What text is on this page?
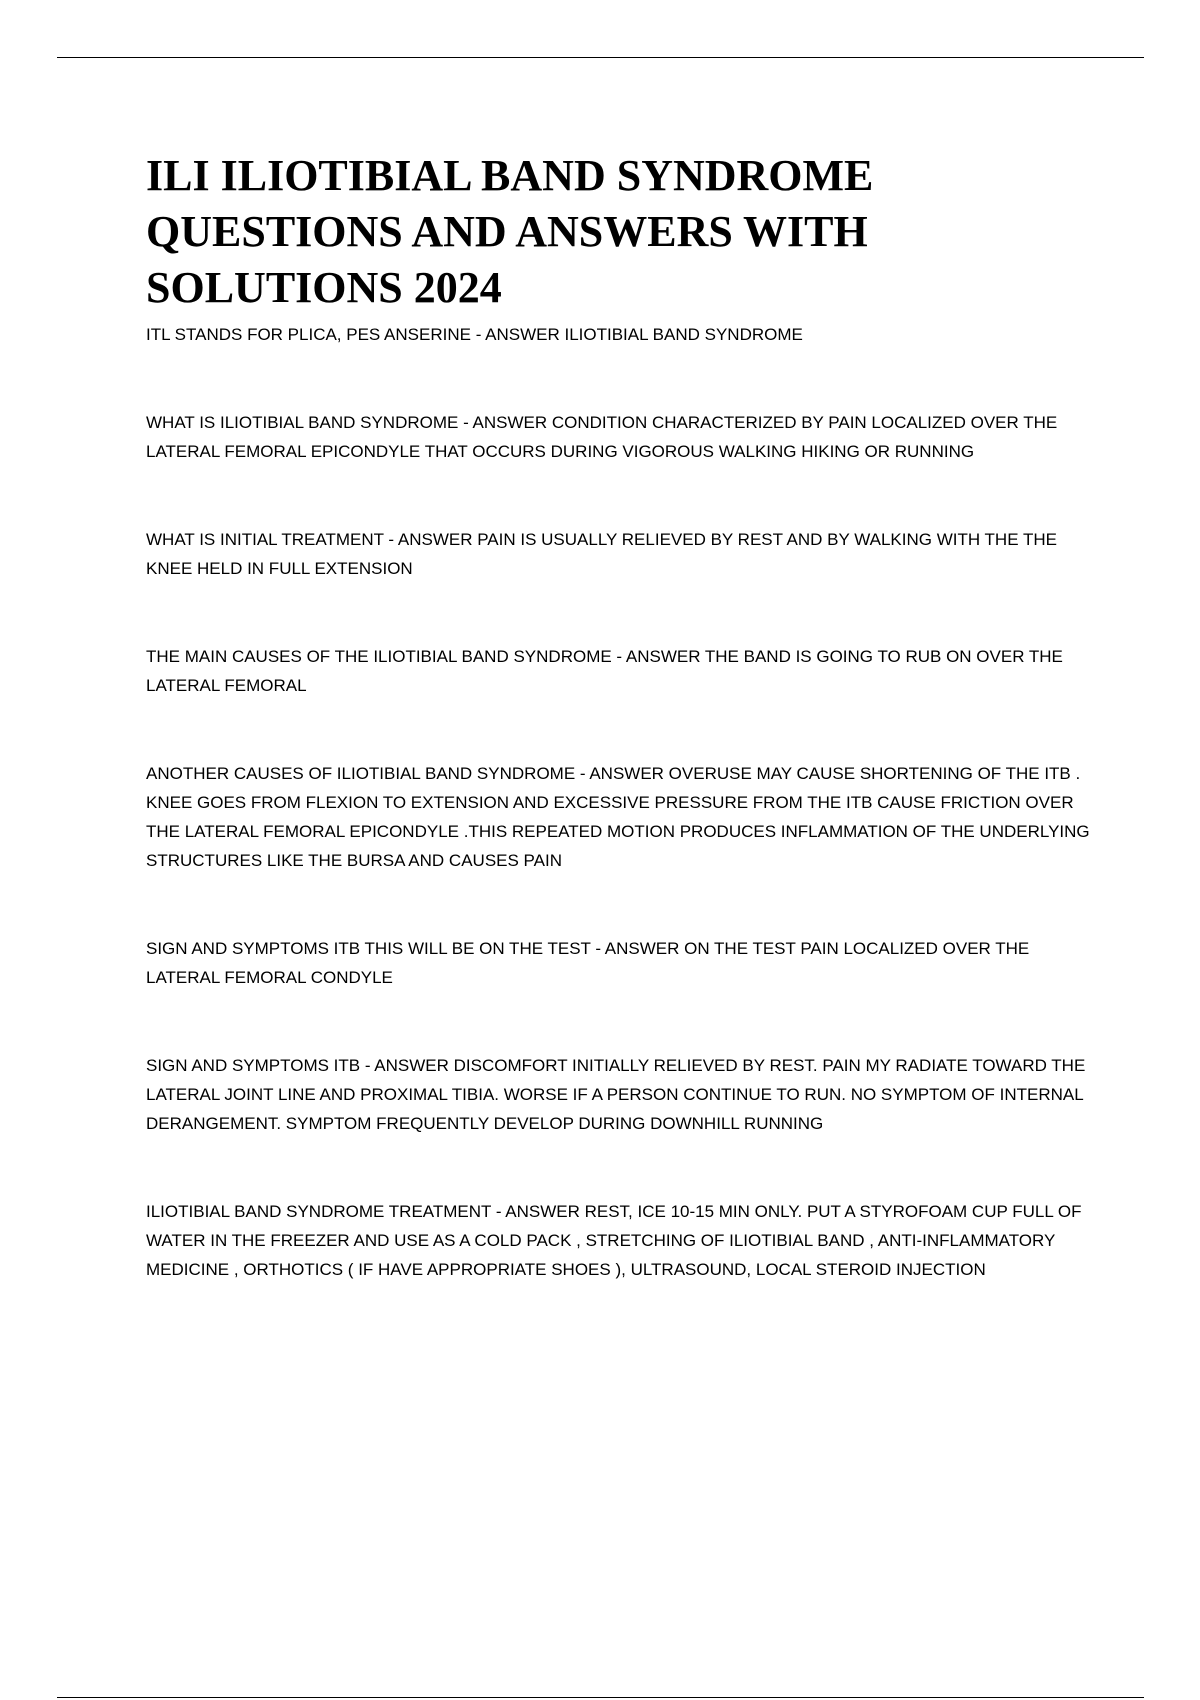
ILI ILIOTIBIAL BAND SYNDROME QUESTIONS AND ANSWERS WITH SOLUTIONS 2024
ITL STANDS FOR PLICA, PES ANSERINE - ANSWER ILIOTIBIAL BAND SYNDROME
WHAT IS ILIOTIBIAL BAND SYNDROME - ANSWER CONDITION CHARACTERIZED BY PAIN LOCALIZED OVER THE LATERAL FEMORAL EPICONDYLE THAT OCCURS DURING VIGOROUS WALKING HIKING OR RUNNING
WHAT IS INITIAL TREATMENT - ANSWER PAIN IS USUALLY RELIEVED BY REST AND BY WALKING WITH THE THE KNEE HELD IN FULL EXTENSION
THE MAIN CAUSES OF THE ILIOTIBIAL BAND SYNDROME - ANSWER THE BAND IS GOING TO RUB ON OVER THE LATERAL FEMORAL
ANOTHER CAUSES OF ILIOTIBIAL BAND SYNDROME - ANSWER OVERUSE MAY CAUSE SHORTENING OF THE ITB . KNEE GOES FROM FLEXION TO EXTENSION AND EXCESSIVE PRESSURE FROM THE ITB CAUSE FRICTION OVER THE LATERAL FEMORAL EPICONDYLE .THIS REPEATED MOTION PRODUCES INFLAMMATION OF THE UNDERLYING STRUCTURES LIKE THE BURSA AND CAUSES PAIN
SIGN AND SYMPTOMS ITB THIS WILL BE ON THE TEST - ANSWER ON THE TEST PAIN LOCALIZED OVER THE LATERAL FEMORAL CONDYLE
SIGN AND SYMPTOMS ITB - ANSWER DISCOMFORT INITIALLY RELIEVED BY REST. PAIN MY RADIATE TOWARD THE LATERAL JOINT LINE AND PROXIMAL TIBIA. WORSE IF A PERSON CONTINUE TO RUN. NO SYMPTOM OF INTERNAL DERANGEMENT. SYMPTOM FREQUENTLY DEVELOP DURING DOWNHILL RUNNING
ILIOTIBIAL BAND SYNDROME TREATMENT - ANSWER REST, ICE 10-15 MIN ONLY. PUT A STYROFOAM CUP FULL OF WATER IN THE FREEZER AND USE AS A COLD PACK , STRETCHING OF ILIOTIBIAL BAND , ANTI-INFLAMMATORY MEDICINE , ORTHOTICS ( IF HAVE APPROPRIATE SHOES ), ULTRASOUND, LOCAL STEROID INJECTION
